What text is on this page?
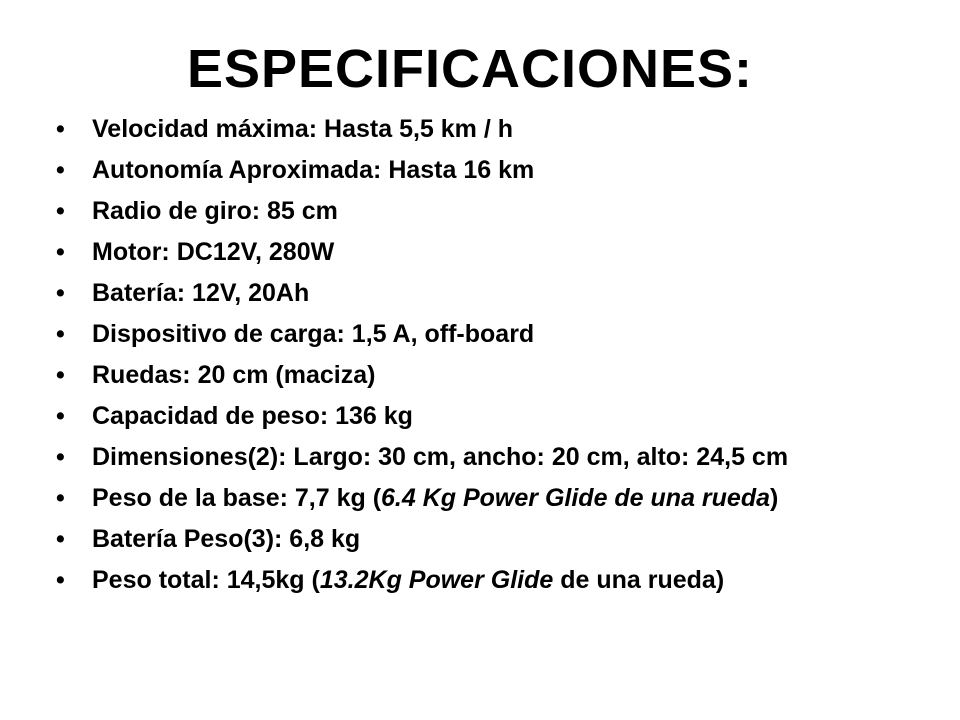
ESPECIFICACIONES:
• Velocidad máxima: Hasta 5,5 km / h
• Autonomía Aproximada: Hasta 16 km
• Radio de giro: 85 cm
• Motor: DC12V, 280W
• Batería: 12V, 20Ah
• Dispositivo de carga: 1,5 A, off-board
• Ruedas: 20 cm (maciza)
• Capacidad de peso: 136 kg
• Dimensiones(2): Largo: 30 cm, ancho: 20 cm, alto: 24,5 cm
• Peso de la base: 7,7 kg (6.4 Kg Power Glide de una rueda)
• Batería Peso(3): 6,8 kg
• Peso total: 14,5kg (13.2Kg Power Glide de una rueda)
